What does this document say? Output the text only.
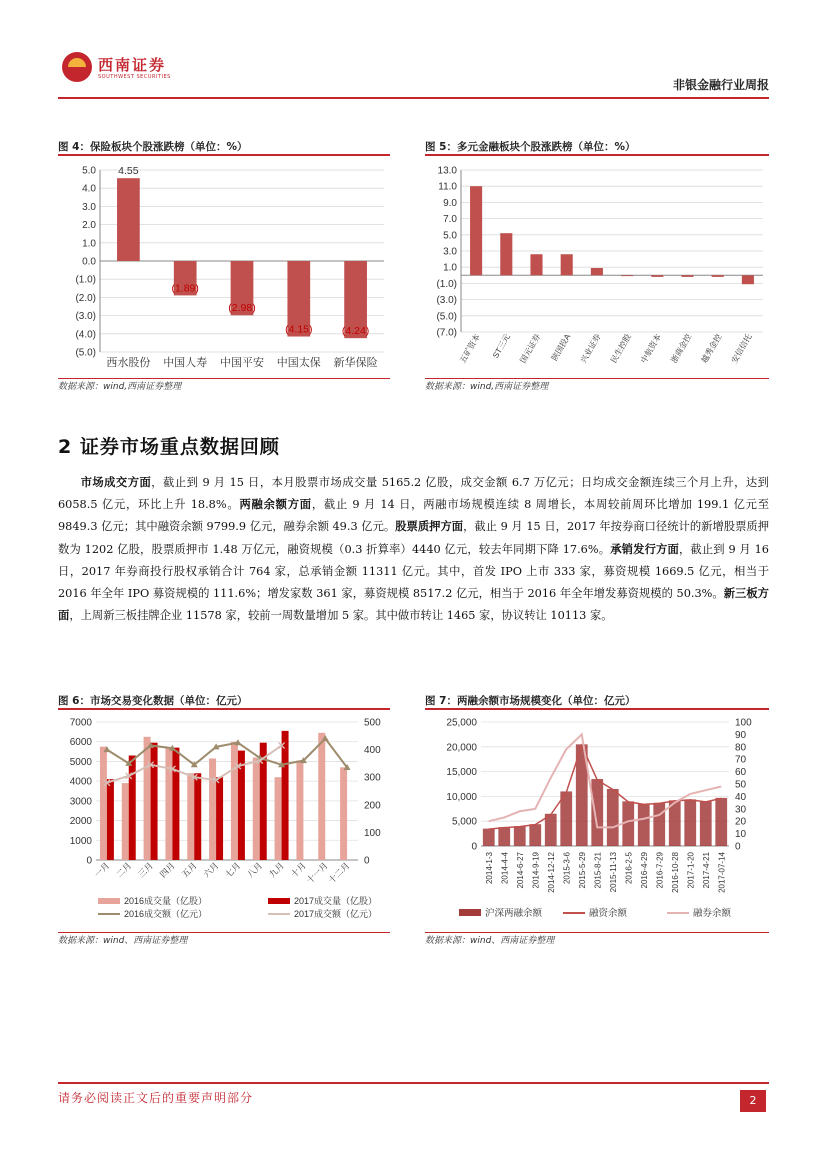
西南证券
SOUTHWEST SECURITIES
非银金融行业周报
图 4：保险板块个股涨跌榜（单位：%）
5.0
4.0
3.0
2.0
1.0
0.0
(1.0)
(2.0)
(3.0)
(4.0)
(5.0)
4.55
西水股份
(1.89)
中国人寿
(2.98)
中国平安
(4.15)
中国太保
(4.24)
新华保险
数据来源：wind,西南证券整理
图 5：多元金融板块个股涨跌榜（单位：%）
13.0
11.0
9.0
7.0
5.0
3.0
1.0
(1.0)
(3.0)
(5.0)
(7.0) 五矿资本 ST三元 国元证券 陕国投A 兴业证券 民生控股 中航资本 浙商金控 越秀金控 安信信托
数据来源：wind,西南证券整理
2 证券市场重点数据回顾
市场成交方面，截止到 9 月 15 日，本月股票市场成交量 5165.2 亿股，成交金额 6.7 万亿元；日均成交金额连续三个月上升，达到 6058.5 亿元，环比上升 18.8%。两融余额方面，截止 9 月 14 日，两融市场规模连续 8 周增长，本周较前周环比增加 199.1 亿元至 9849.3 亿元；其中融资余额 9799.9 亿元，融券余额 49.3 亿元。股票质押方面，截止 9 月 15 日，2017 年按券商口径统计的新增股票质押数为 1202 亿股，股票质押市 1.48 万亿元，融资规模（0.3 折算率）4440 亿元，较去年同期下降 17.6%。承销发行方面，截止到 9 月 16 日，2017 年券商投行股权承销合计 764 家，总承销金额 11311 亿元。其中，首发 IPO 上市 333 家，募资规模 1669.5 亿元，相当于 2016 年全年 IPO 募资规模的 111.6%；增发家数 361 家，募资规模 8517.2 亿元，相当于 2016 年全年增发募资规模的 50.3%。新三板方面，上周新三板挂牌企业 11578 家，较前一周数量增加 5 家。其中做市转让 1465 家，协议转让 10113 家。
图 6：市场交易变化数据（单位：亿元）
0
1000
2000
3000
4000
5000
6000
7000
0
100
200
300
400
500
一月 二月 三月 四月 五月 六月 七月 八月 九月 十月
十一月
十二月
2016成交量（亿股）	2017成交量（亿股）
2016成交额（亿元）	2017成交额（亿元）
数据来源：wind、西南证券整理
图 7：两融余额市场规模变化（单位：亿元）
0
5,000
10,000
15,000
20,000
25,000
0
10
20
30
40
50
60
70
80
90
100
2014-1-3 2014-4-4 2014-6-27 2014-9-19 2014-12-12 2015-3-6 2015-5-29 2015-8-21 2015-11-13 2016-2-5 2016-4-29 2016-7-29 2016-10-28 2017-1-20 2017-4-21 2017-07-14
沪深两融余额	融资余额	融券余额
数据来源：wind、西南证券整理
请务必阅读正文后的重要声明部分	2
